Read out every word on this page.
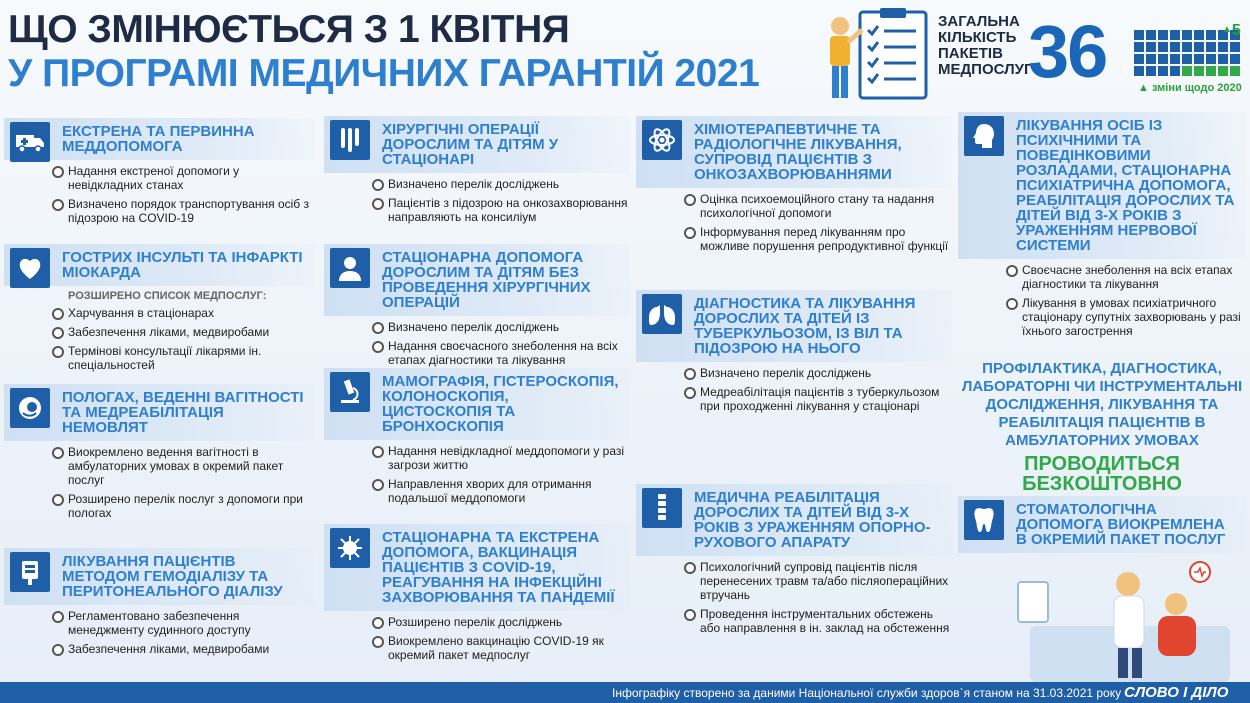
ЩО ЗМІНЮЄТЬСЯ З 1 КВІТНЯ
У ПРОГРАМІ МЕДИЧНИХ ГАРАНТІЙ 2021
ЗАГАЛЬНА
КІЛЬКІСТЬ
ПАКЕТІВ
МЕДПОСЛУГ
36	▲5
▲ зміни щодо 2020
ЕКСТРЕНА ТА ПЕРВИННА МЕДДОПОМОГА
Надання екстреної допомоги у невідкладних станах
Визначено порядок транспортування осіб з підозрою на COVID-19
ГОСТРИХ ІНСУЛЬТІ ТА ІНФАРКТІ МІОКАРДА
РОЗШИРЕНО СПИСОК МЕДПОСЛУГ:
Харчування в стаціонарах
Забезпечення ліками, медвиробами
Термінові консультації лікарями ін. спеціальностей
ПОЛОГАХ, ВЕДЕННІ ВАГІТНОСТІ ТА МЕДРЕАБІЛІТАЦІЯ НЕМОВЛЯТ
Виокремлено ведення вагітності в амбулаторних умовах в окремий пакет послуг
Розширено перелік послуг з допомоги при пологах
ЛІКУВАННЯ ПАЦІЄНТІВ МЕТОДОМ ГЕМОДІАЛІЗУ ТА ПЕРИТОНЕАЛЬНОГО ДІАЛІЗУ
Регламентовано забезпечення менеджменту судинного доступу
Забезпечення ліками, медвиробами
ХІРУРГІЧНІ ОПЕРАЦІЇ ДОРОСЛИМ ТА ДІТЯМ У СТАЦІОНАРІ
Визначено перелік досліджень
Пацієнтів з підозрою на онкозахворювання направляють на консиліум
СТАЦІОНАРНА ДОПОМОГА ДОРОСЛИМ ТА ДІТЯМ БЕЗ ПРОВЕДЕННЯ ХІРУРГІЧНИХ ОПЕРАЦІЙ
Визначено перелік досліджень
Надання своєчасного знеболення на всіх етапах діагностики та лікування
МАМОГРАФІЯ, ГІСТЕРОСКОПІЯ, КОЛОНОСКОПІЯ, ЦИСТОСКОПІЯ ТА БРОНХОСКОПІЯ
Надання невідкладної меддопомоги у разі загрози життю
Направлення хворих для отримання подальшої меддопомоги
СТАЦІОНАРНА ТА ЕКСТРЕНА ДОПОМОГА, ВАКЦИНАЦІЯ ПАЦІЄНТІВ З COVID-19, РЕАГУВАННЯ НА ІНФЕКЦІЙНІ ЗАХВОРЮВАННЯ ТА ПАНДЕМІЇ
Розширено перелік досліджень
Виокремлено вакцинацію COVID-19 як окремий пакет медпослуг
ХІМІОТЕРАПЕВТИЧНЕ ТА РАДІОЛОГІЧНЕ ЛІКУВАННЯ, СУПРОВІД ПАЦІЄНТІВ З ОНКОЗАХВОРЮВАННЯМИ
Оцінка психоемоційного стану та надання психологічної допомоги
Інформування перед лікуванням про можливе порушення репродуктивної функції
ДІАГНОСТИКА ТА ЛІКУВАННЯ ДОРОСЛИХ ТА ДІТЕЙ ІЗ ТУБЕРКУЛЬОЗОМ, ІЗ ВІЛ ТА ПІДОЗРОЮ НА НЬОГО
Визначено перелік досліджень
Медреабілітація пацієнтів з туберкульозом при проходженні лікування у стаціонарі
МЕДИЧНА РЕАБІЛІТАЦІЯ ДОРОСЛИХ ТА ДІТЕЙ ВІД 3-Х РОКІВ З УРАЖЕННЯМ ОПОРНО-РУХОВОГО АПАРАТУ
Психологічний супровід пацієнтів після перенесених травм та/або післяопераційних втручань
Проведення інструментальних обстежень або направлення в ін. заклад на обстеження
ЛІКУВАННЯ ОСІБ ІЗ ПСИХІЧНИМИ ТА ПОВЕДІНКОВИМИ РОЗЛАДАМИ, СТАЦІОНАРНА ПСИХІАТРИЧНА ДОПОМОГА, РЕАБІЛІТАЦІЯ ДОРОСЛИХ ТА ДІТЕЙ ВІД 3-Х РОКІВ З УРАЖЕННЯМ НЕРВОВОЇ СИСТЕМИ
Своєчасне знеболення на всіх етапах діагностики та лікування
Лікування в умовах психіатричного стаціонару супутніх захворювань у разі їхнього загострення
ПРОФІЛАКТИКА, ДІАГНОСТИКА, ЛАБОРАТОРНІ ЧИ ІНСТРУМЕНТАЛЬНІ ДОСЛІДЖЕННЯ, ЛІКУВАННЯ ТА РЕАБІЛІТАЦІЯ ПАЦІЄНТІВ В АМБУЛАТОРНИХ УМОВАХ
ПРОВОДИТЬСЯ БЕЗКОШТОВНО
СТОМАТОЛОГІЧНА ДОПОМОГА ВИОКРЕМЛЕНА В ОКРЕМИЙ ПАКЕТ ПОСЛУГ
Інфографіку створено за даними Національної служби здоров`я станом на 31.03.2021 року СЛОВО І ДІЛО
